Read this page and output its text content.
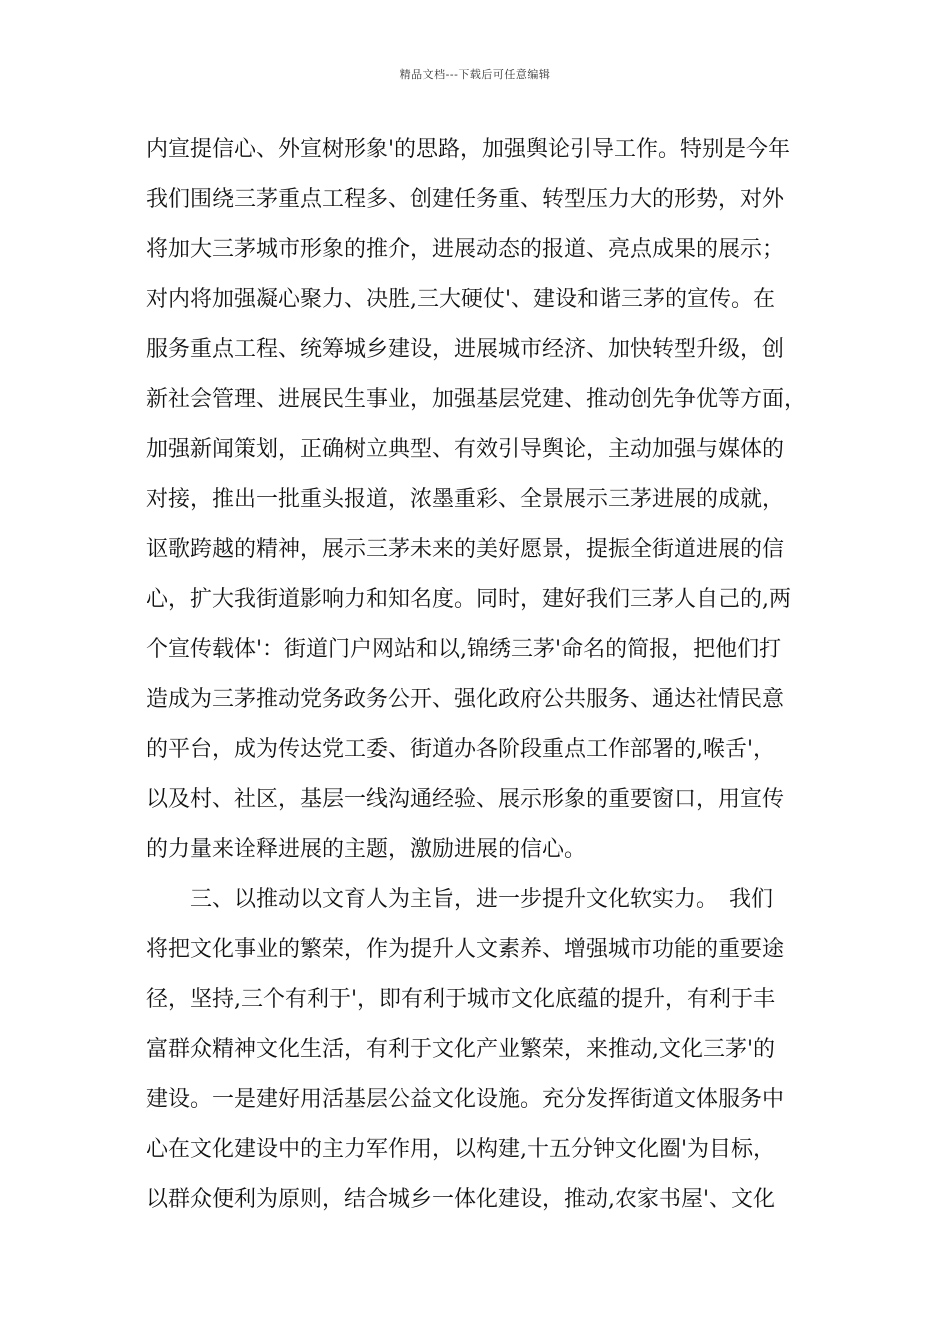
精品文档---下载后可任意编辑
内宣提信心、外宣树形象'的思路，加强舆论引导工作。特别是今年
我们围绕三茅重点工程多、创建任务重、转型压力大的形势，对外
将加大三茅城市形象的推介，进展动态的报道、亮点成果的展示；
对内将加强凝心聚力、决胜,三大硬仗'、建设和谐三茅的宣传。在
服务重点工程、统筹城乡建设，进展城市经济、加快转型升级，创
新社会管理、进展民生事业，加强基层党建、推动创先争优等方面，
加强新闻策划，正确树立典型、有效引导舆论，主动加强与媒体的
对接，推出一批重头报道，浓墨重彩、全景展示三茅进展的成就，
讴歌跨越的精神，展示三茅未来的美好愿景，提振全街道进展的信
心，扩大我街道影响力和知名度。同时，建好我们三茅人自己的,两
个宣传载体'：街道门户网站和以,锦绣三茅'命名的简报，把他们打
造成为三茅推动党务政务公开、强化政府公共服务、通达社情民意
的平台，成为传达党工委、街道办各阶段重点工作部署的,喉舌'，
以及村、社区，基层一线沟通经验、展示形象的重要窗口，用宣传
的力量来诠释进展的主题，激励进展的信心。
三、以推动以文育人为主旨，进一步提升文化软实力。　我们
将把文化事业的繁荣，作为提升人文素养、增强城市功能的重要途
径，坚持,三个有利于'，即有利于城市文化底蕴的提升，有利于丰
富群众精神文化生活，有利于文化产业繁荣，来推动,文化三茅'的
建设。一是建好用活基层公益文化设施。充分发挥街道文体服务中
心在文化建设中的主力军作用，以构建,十五分钟文化圈'为目标，
以群众便利为原则，结合城乡一体化建设，推动,农家书屋'、文化
